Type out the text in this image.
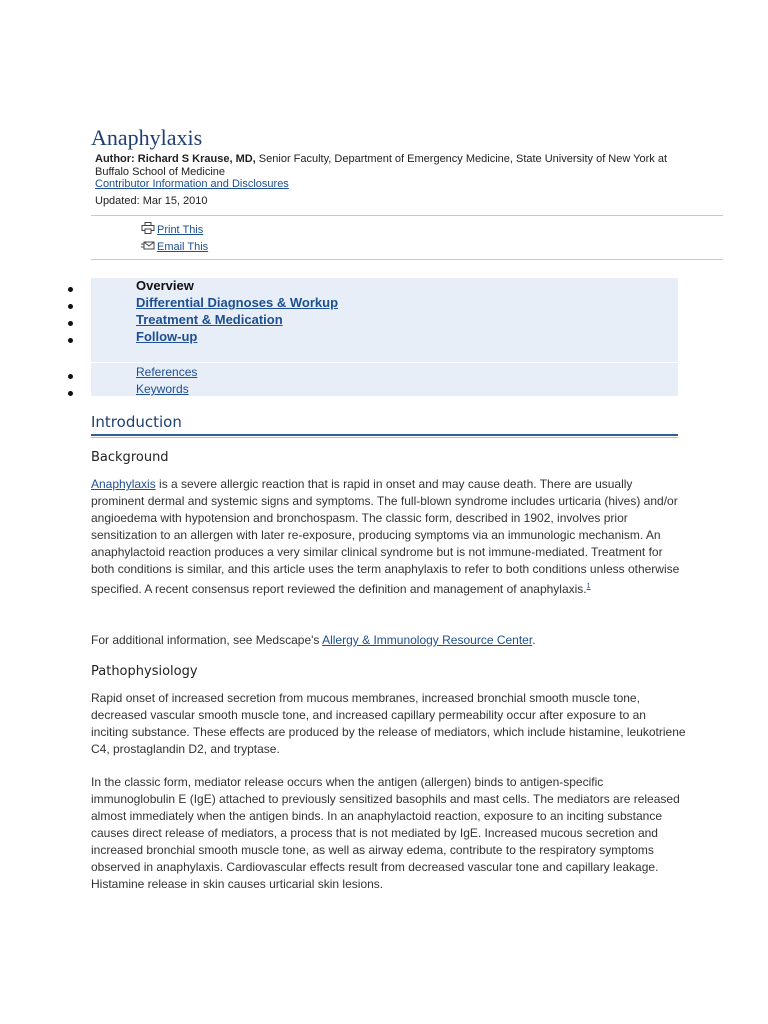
Anaphylaxis
Author: Richard S Krause, MD, Senior Faculty, Department of Emergency Medicine, State University of New York at Buffalo School of Medicine
Contributor Information and Disclosures
Updated: Mar 15, 2010
Print This
Email This
Overview
Differential Diagnoses & Workup
Treatment & Medication
Follow-up
References
Keywords
Introduction
Background

Anaphylaxis is a severe allergic reaction that is rapid in onset and may cause death. There are usually prominent dermal and systemic signs and symptoms. The full-blown syndrome includes urticaria (hives) and/or angioedema with hypotension and bronchospasm. The classic form, described in 1902, involves prior sensitization to an allergen with later re-exposure, producing symptoms via an immunologic mechanism. An anaphylactoid reaction produces a very similar clinical syndrome but is not immune-mediated. Treatment for both conditions is similar, and this article uses the term anaphylaxis to refer to both conditions unless otherwise specified. A recent consensus report reviewed the definition and management of anaphylaxis.$^1$

For additional information, see Medscape's Allergy & Immunology Resource Center.

Pathophysiology

Rapid onset of increased secretion from mucous membranes, increased bronchial smooth muscle tone, decreased vascular smooth muscle tone, and increased capillary permeability occur after exposure to an inciting substance. These effects are produced by the release of mediators, which include histamine, leukotriene C4, prostaglandin D2, and tryptase.

In the classic form, mediator release occurs when the antigen (allergen) binds to antigen-specific immunoglobulin E (IgE) attached to previously sensitized basophils and mast cells. The mediators are released almost immediately when the antigen binds. In an anaphylactoid reaction, exposure to an inciting substance causes direct release of mediators, a process that is not mediated by IgE. Increased mucous secretion and increased bronchial smooth muscle tone, as well as airway edema, contribute to the respiratory symptoms observed in anaphylaxis. Cardiovascular effects result from decreased vascular tone and capillary leakage. Histamine release in skin causes urticarial skin lesions.
